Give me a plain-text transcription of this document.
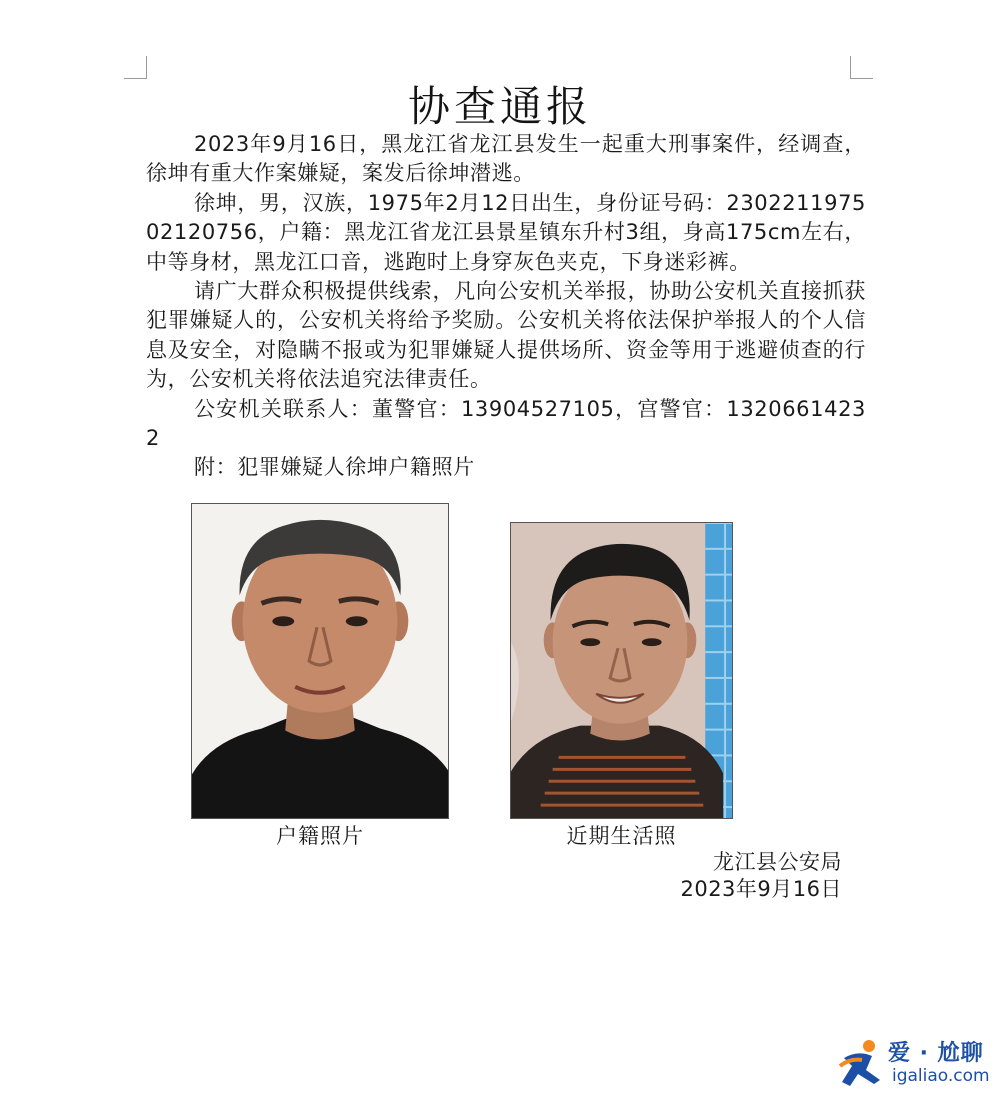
协查通报

2023年9月16日，黑龙江省龙江县发生一起重大刑事案件，经调查，徐坤有重大作案嫌疑，案发后徐坤潜逃。

徐坤，男，汉族，1975年2月12日出生，身份证号码：230221197502120756，户籍：黑龙江省龙江县景星镇东升村3组，身高175cm左右，中等身材，黑龙江口音，逃跑时上身穿灰色夹克，下身迷彩裤。

请广大群众积极提供线索，凡向公安机关举报，协助公安机关直接抓获犯罪嫌疑人的，公安机关将给予奖励。公安机关将依法保护举报人的个人信息及安全，对隐瞒不报或为犯罪嫌疑人提供场所、资金等用于逃避侦查的行为，公安机关将依法追究法律责任。

公安机关联系人：董警官：13904527105，宫警官：13206614232

附：犯罪嫌疑人徐坤户籍照片

户籍照片	近期生活照
龙江县公安局
2023年9月16日
爱 · 尬聊
igaliao.com
